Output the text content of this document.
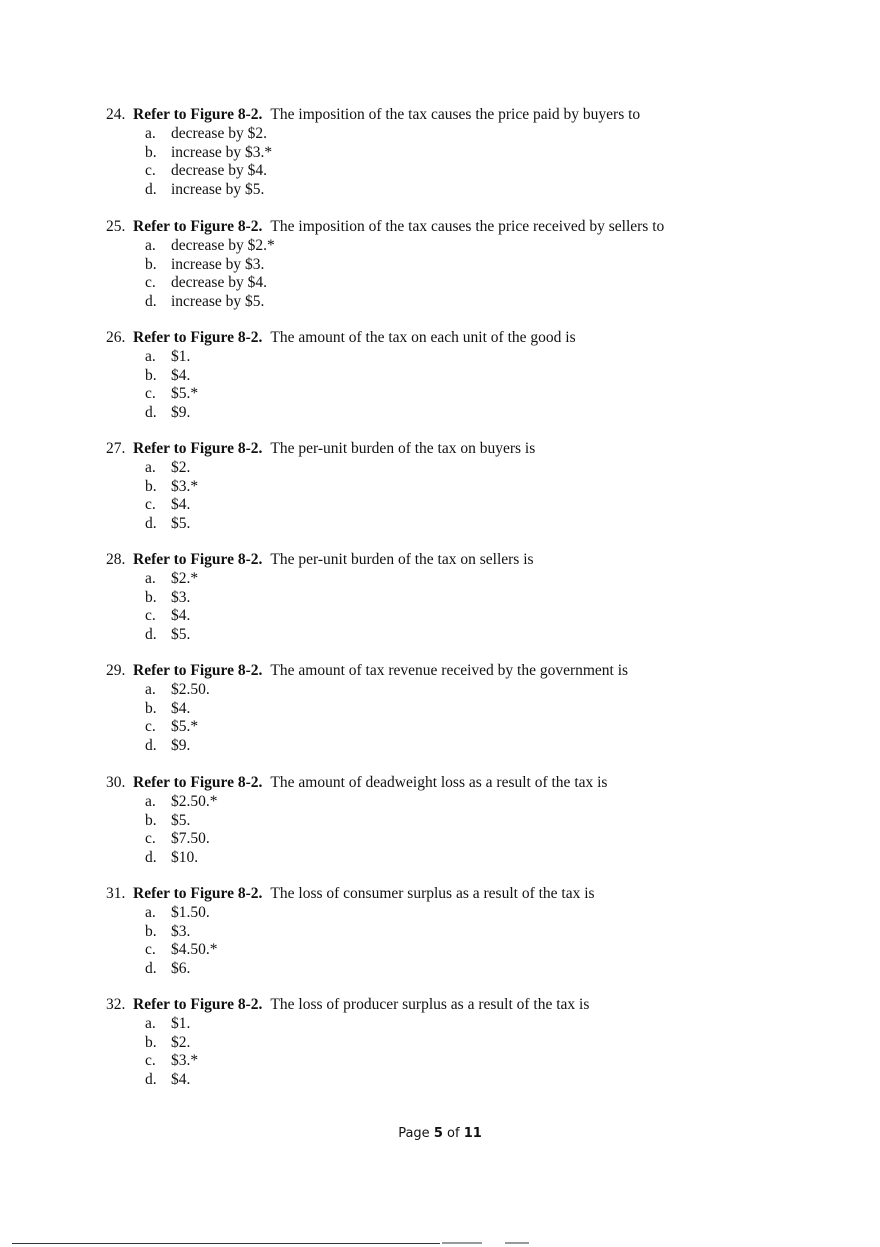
24. Refer to Figure 8-2. The imposition of the tax causes the price paid by buyers to
a. decrease by $2.
b. increase by $3.*
c. decrease by $4.
d. increase by $5.
25. Refer to Figure 8-2. The imposition of the tax causes the price received by sellers to
a. decrease by $2.*
b. increase by $3.
c. decrease by $4.
d. increase by $5.
26. Refer to Figure 8-2. The amount of the tax on each unit of the good is
a. $1.
b. $4.
c. $5.*
d. $9.
27. Refer to Figure 8-2. The per-unit burden of the tax on buyers is
a. $2.
b. $3.*
c. $4.
d. $5.
28. Refer to Figure 8-2. The per-unit burden of the tax on sellers is
a. $2.*
b. $3.
c. $4.
d. $5.
29. Refer to Figure 8-2. The amount of tax revenue received by the government is
a. $2.50.
b. $4.
c. $5.*
d. $9.
30. Refer to Figure 8-2. The amount of deadweight loss as a result of the tax is
a. $2.50.*
b. $5.
c. $7.50.
d. $10.
31. Refer to Figure 8-2. The loss of consumer surplus as a result of the tax is
a. $1.50.
b. $3.
c. $4.50.*
d. $6.
32. Refer to Figure 8-2. The loss of producer surplus as a result of the tax is
a. $1.
b. $2.
c. $3.*
d. $4.
Page 5 of 11
